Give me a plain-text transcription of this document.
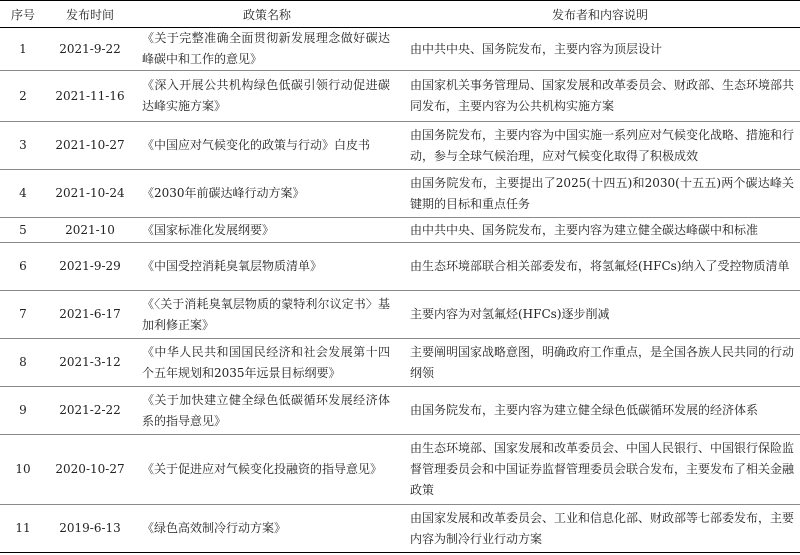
序号	发布时间	政策名称	发布者和内容说明
1	2021-9-22	《关于完整准确全面贯彻新发展理念做好碳达峰碳中和工作的意见》	由中共中央、国务院发布，主要内容为顶层设计
2	2021-11-16	《深入开展公共机构绿色低碳引领行动促进碳达峰实施方案》	由国家机关事务管理局、国家发展和改革委员会、财政部、生态环境部共同发布，主要内容为公共机构实施方案
3	2021-10-27	《中国应对气候变化的政策与行动》白皮书	由国务院发布，主要内容为中国实施一系列应对气候变化战略、措施和行动，参与全球气候治理，应对气候变化取得了积极成效
4	2021-10-24	《2030年前碳达峰行动方案》	由国务院发布，主要提出了2025(十四五)和2030(十五五)两个碳达峰关键期的目标和重点任务
5	2021-10	《国家标准化发展纲要》	由中共中央、国务院发布，主要内容为建立健全碳达峰碳中和标准
6	2021-9-29	《中国受控消耗臭氧层物质清单》	由生态环境部联合相关部委发布，将氢氟烃(HFCs)纳入了受控物质清单
7	2021-6-17	《〈关于消耗臭氧层物质的蒙特利尔议定书〉基加利修正案》	主要内容为对氢氟烃(HFCs)逐步削减
8	2021-3-12	《中华人民共和国国民经济和社会发展第十四个五年规划和2035年远景目标纲要》	主要阐明国家战略意图，明确政府工作重点，是全国各族人民共同的行动纲领
9	2021-2-22	《关于加快建立健全绿色低碳循环发展经济体系的指导意见》	由国务院发布，主要内容为建立健全绿色低碳循环发展的经济体系
10	2020-10-27	《关于促进应对气候变化投融资的指导意见》	由生态环境部、国家发展和改革委员会、中国人民银行、中国银行保险监督管理委员会和中国证券监督管理委员会联合发布，主要发布了相关金融政策
11	2019-6-13	《绿色高效制冷行动方案》	由国家发展和改革委员会、工业和信息化部、财政部等七部委发布，主要内容为制冷行业行动方案
